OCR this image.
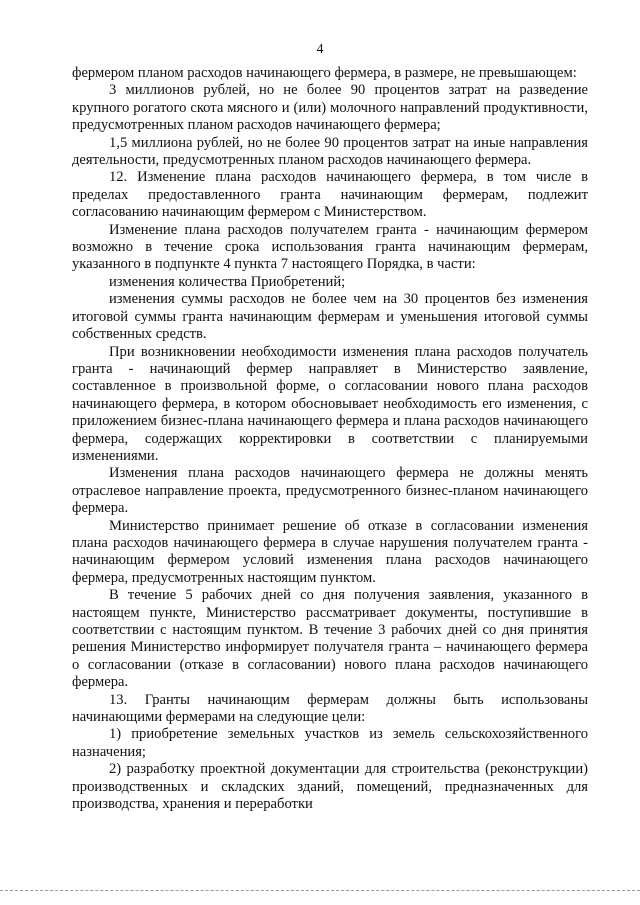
4

фермером планом расходов начинающего фермера, в размере, не превышающем:

3 миллионов рублей, но не более 90 процентов затрат на разведение крупного рогатого скота мясного и (или) молочного направлений продуктивности, предусмотренных планом расходов начинающего фермера;

1,5 миллиона рублей, но не более 90 процентов затрат на иные направления деятельности, предусмотренных планом расходов начинающего фермера.

12. Изменение плана расходов начинающего фермера, в том числе в пределах предоставленного гранта начинающим фермерам, подлежит согласованию начинающим фермером с Министерством.

Изменение плана расходов получателем гранта - начинающим фермером возможно в течение срока использования гранта начинающим фермерам, указанного в подпункте 4 пункта 7 настоящего Порядка, в части:

изменения количества Приобретений;

изменения суммы расходов не более чем на 30 процентов без изменения итоговой суммы гранта начинающим фермерам и уменьшения итоговой суммы собственных средств.

При возникновении необходимости изменения плана расходов получатель гранта - начинающий фермер направляет в Министерство заявление, составленное в произвольной форме, о согласовании нового плана расходов начинающего фермера, в котором обосновывает необходимость его изменения, с приложением бизнес-плана начинающего фермера и плана расходов начинающего фермера, содержащих корректировки в соответствии с планируемыми изменениями.

Изменения плана расходов начинающего фермера не должны менять отраслевое направление проекта, предусмотренного бизнес-планом начинающего фермера.

Министерство принимает решение об отказе в согласовании изменения плана расходов начинающего фермера в случае нарушения получателем гранта - начинающим фермером условий изменения плана расходов начинающего фермера, предусмотренных настоящим пунктом.

В течение 5 рабочих дней со дня получения заявления, указанного в настоящем пункте, Министерство рассматривает документы, поступившие в соответствии с настоящим пунктом. В течение 3 рабочих дней со дня принятия решения Министерство информирует получателя гранта – начинающего фермера о согласовании (отказе в согласовании) нового плана расходов начинающего фермера.

13. Гранты начинающим фермерам должны быть использованы начинающими фермерами на следующие цели:

1) приобретение земельных участков из земель сельскохозяйственного назначения;

2) разработку проектной документации для строительства (реконструкции) производственных и складских зданий, помещений, предназначенных для производства, хранения и переработки
